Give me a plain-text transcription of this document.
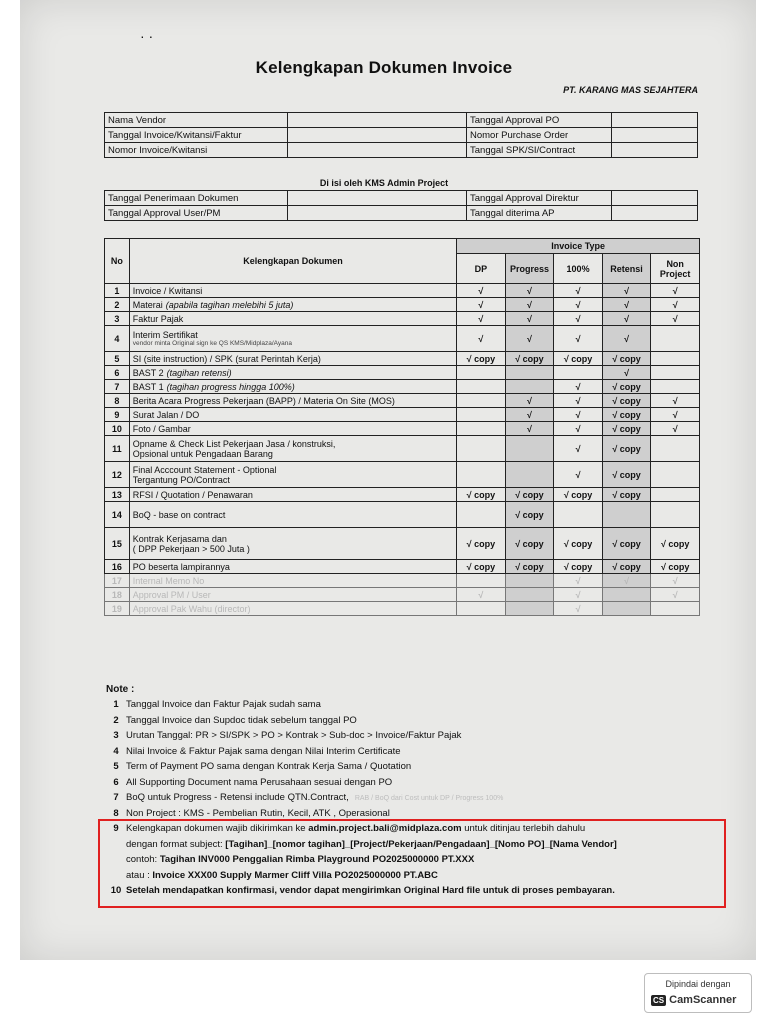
· ·
Kelengkapan Dokumen Invoice
PT. KARANG MAS SEJAHTERA
Nama Vendor		Tanggal Approval PO	
Tanggal Invoice/Kwitansi/Faktur		Nomor Purchase Order	
Nomor Invoice/Kwitansi		Tanggal SPK/SI/Contract	
Di isi oleh KMS Admin Project
Tanggal Penerimaan Dokumen		Tanggal Approval Direktur	
Tanggal Approval User/PM		Tanggal diterima AP	
No	Kelengkapan Dokumen	Invoice Type				
		DP	Progress	100%	Retensi	Non Project
1	Invoice / Kwitansi	√	√	√	√	√
2	Materai (apabila tagihan melebihi 5 juta)	√	√	√	√	√
3	Faktur Pajak	√	√	√	√	√
4	Interim Sertifikat
vendor minta Original sign ke QS KMS/Midplaza/Ayana	√	√	√	√	
5	SI (site instruction) / SPK (surat Perintah Kerja)	√ copy	√ copy	√ copy	√ copy	
6	BAST 2 (tagihan retensi)				√	
7	BAST 1 (tagihan progress hingga 100%)			√	√ copy	
8	Berita Acara Progress Pekerjaan (BAPP) / Materia On Site (MOS)		√	√	√ copy	√
9	Surat Jalan / DO		√	√	√ copy	√
10	Foto / Gambar		√	√	√ copy	√
11	Opname & Check List Pekerjaan Jasa / konstruksi,
Opsional untuk Pengadaan Barang			√	√ copy	
12	Final Acccount Statement - Optional
Tergantung PO/Contract			√	√ copy	
13	RFSI / Quotation / Penawaran	√ copy	√ copy	√ copy	√ copy	
14	BoQ - base on contract		√ copy			
15	Kontrak Kerjasama dan
( DPP Pekerjaan > 500 Juta )	√ copy	√ copy	√ copy	√ copy	√ copy
16	PO beserta lampirannya	√ copy	√ copy	√ copy	√ copy	√ copy
17	Internal Memo No			√	√	√
18	Approval PM / User	√		√		√
19	Approval Pak Wahu (director)			√		
Note :
1 Tanggal Invoice dan Faktur Pajak sudah sama
2 Tanggal Invoice dan Supdoc tidak sebelum tanggal PO
3 Urutan Tanggal: PR > SI/SPK > PO > Kontrak > Sub-doc > Invoice/Faktur Pajak
4 Nilai Invoice & Faktur Pajak sama dengan Nilai Interim Certificate
5 Term of Payment PO sama dengan Kontrak Kerja Sama / Quotation
6 All Supporting Document nama Perusahaan sesuai dengan PO
7 BoQ untuk Progress - Retensi include QTN.Contract, RAB / BoQ dari Cost untuk DP / Progress 100%
8 Non Project : KMS - Pembelian Rutin, Kecil, ATK , Operasional
9 Kelengkapan dokumen wajib dikirimkan ke admin.project.bali@midplaza.com untuk ditinjau terlebih dahulu
dengan format subject: [Tagihan]_[nomor tagihan]_[Project/Pekerjaan/Pengadaan]_[Nomo PO]_[Nama Vendor]
contoh: Tagihan INV000 Penggalian Rimba Playground PO2025000000 PT.XXX
atau : Invoice XXX00 Supply Marmer Cliff Villa PO2025000000 PT.ABC
10 Setelah mendapatkan konfirmasi, vendor dapat mengirimkan Original Hard file untuk di proses pembayaran.
Dipindai dengan
CS CamScanner
